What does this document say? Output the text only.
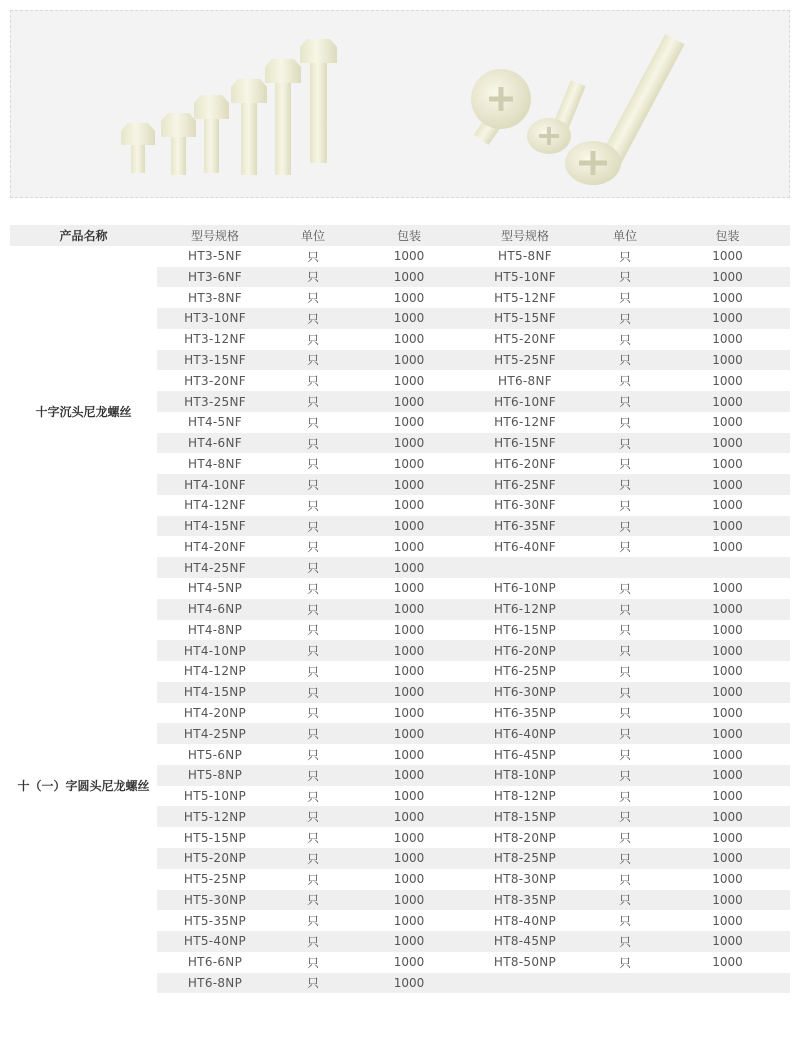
产品名称	型号规格	单位	包装	型号规格	单位	包装
十字沉头尼龙螺丝	HT3-5NF	只	1000	HT5-8NF	只	1000
	HT3-6NF	只	1000	HT5-10NF	只	1000
	HT3-8NF	只	1000	HT5-12NF	只	1000
	HT3-10NF	只	1000	HT5-15NF	只	1000
	HT3-12NF	只	1000	HT5-20NF	只	1000
	HT3-15NF	只	1000	HT5-25NF	只	1000
	HT3-20NF	只	1000	HT6-8NF	只	1000
	HT3-25NF	只	1000	HT6-10NF	只	1000
	HT4-5NF	只	1000	HT6-12NF	只	1000
	HT4-6NF	只	1000	HT6-15NF	只	1000
	HT4-8NF	只	1000	HT6-20NF	只	1000
	HT4-10NF	只	1000	HT6-25NF	只	1000
	HT4-12NF	只	1000	HT6-30NF	只	1000
	HT4-15NF	只	1000	HT6-35NF	只	1000
	HT4-20NF	只	1000	HT6-40NF	只	1000
	HT4-25NF	只	1000			
十（一）字圆头尼龙螺丝	HT4-5NP	只	1000	HT6-10NP	只	1000
	HT4-6NP	只	1000	HT6-12NP	只	1000
	HT4-8NP	只	1000	HT6-15NP	只	1000
	HT4-10NP	只	1000	HT6-20NP	只	1000
	HT4-12NP	只	1000	HT6-25NP	只	1000
	HT4-15NP	只	1000	HT6-30NP	只	1000
	HT4-20NP	只	1000	HT6-35NP	只	1000
	HT4-25NP	只	1000	HT6-40NP	只	1000
	HT5-6NP	只	1000	HT6-45NP	只	1000
	HT5-8NP	只	1000	HT8-10NP	只	1000
	HT5-10NP	只	1000	HT8-12NP	只	1000
	HT5-12NP	只	1000	HT8-15NP	只	1000
	HT5-15NP	只	1000	HT8-20NP	只	1000
	HT5-20NP	只	1000	HT8-25NP	只	1000
	HT5-25NP	只	1000	HT8-30NP	只	1000
	HT5-30NP	只	1000	HT8-35NP	只	1000
	HT5-35NP	只	1000	HT8-40NP	只	1000
	HT5-40NP	只	1000	HT8-45NP	只	1000
	HT6-6NP	只	1000	HT8-50NP	只	1000
	HT6-8NP	只	1000			
